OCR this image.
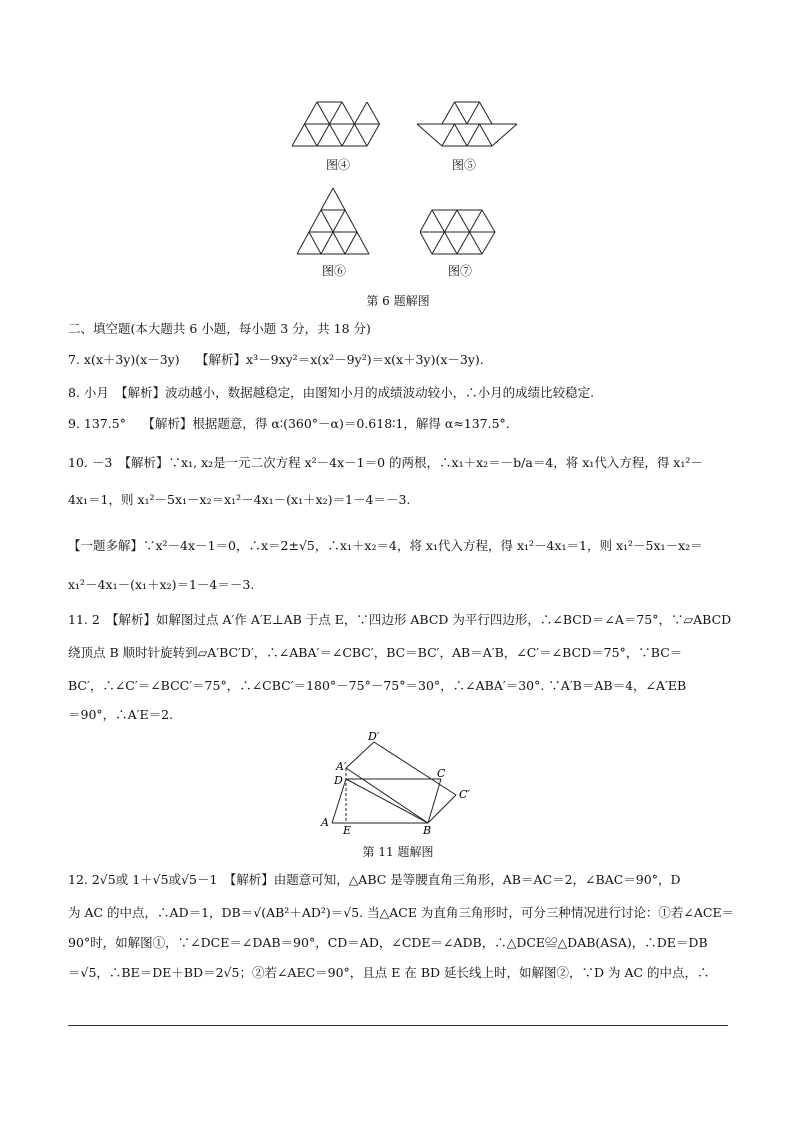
图④	图⑤
图⑥	图⑦
第 6 题解图
二、填空题(本大题共 6 小题，每小题 3 分，共 18 分)
7. x(x＋3y)(x－3y)　 【解析】x³－9xy²＝x(x²－9y²)＝x(x＋3y)(x－3y).
8. 小月　【解析】波动越小，数据越稳定，由图知小月的成绩波动较小，∴小月的成绩比较稳定.
9. 137.5°　 【解析】根据题意，得 α∶(360°－α)＝0.618∶1，解得 α≈137.5°.
10. －3　【解析】∵x₁, x₂是一元二次方程 x²－4x－1＝0 的两根，∴x₁＋x₂＝－b/a＝4，将 x₁代入方程，得 x₁²－
4x₁＝1，则 x₁²－5x₁－x₂＝x₁²－4x₁－(x₁＋x₂)＝1－4＝－3.
【一题多解】∵x²－4x－1＝0，∴x＝2±√5，∴x₁＋x₂＝4，将 x₁代入方程，得 x₁²－4x₁＝1，则 x₁²－5x₁－x₂＝
x₁²－4x₁－(x₁＋x₂)＝1－4＝－3.
11. 2　【解析】如解图过点 A′作 A′E⊥AB 于点 E，∵四边形 ABCD 为平行四边形，∴∠BCD＝∠A＝75°，∵▱ABCD
绕顶点 B 顺时针旋转到▱A′BC′D′，∴∠ABA′＝∠CBC′，BC＝BC′，AB＝A′B，∠C′＝∠BCD＝75°，∵BC＝
BC′，∴∠C′＝∠BCC′＝75°，∴∠CBC′＝180°－75°－75°＝30°，∴∠ABA′＝30°. ∵A′B＝AB＝4，∠A′EB
＝90°，∴A′E＝2.
D′
A′
D
C
C′
A
E	B
第 11 题解图
12. 2√5或 1＋√5或√5－1　【解析】由题意可知，△ABC 是等腰直角三角形，AB＝AC＝2，∠BAC＝90°，D
为 AC 的中点，∴AD＝1，DB＝√(AB²＋AD²)＝√5. 当△ACE 为直角三角形时，可分三种情况进行讨论：①若∠ACE＝
90°时，如解图①，∵∠DCE＝∠DAB＝90°，CD＝AD，∠CDE＝∠ADB，∴△DCE≌△DAB(ASA)，∴DE＝DB
＝√5，∴BE＝DE＋BD＝2√5；②若∠AEC＝90°，且点 E 在 BD 延长线上时，如解图②，∵D 为 AC 的中点，∴
